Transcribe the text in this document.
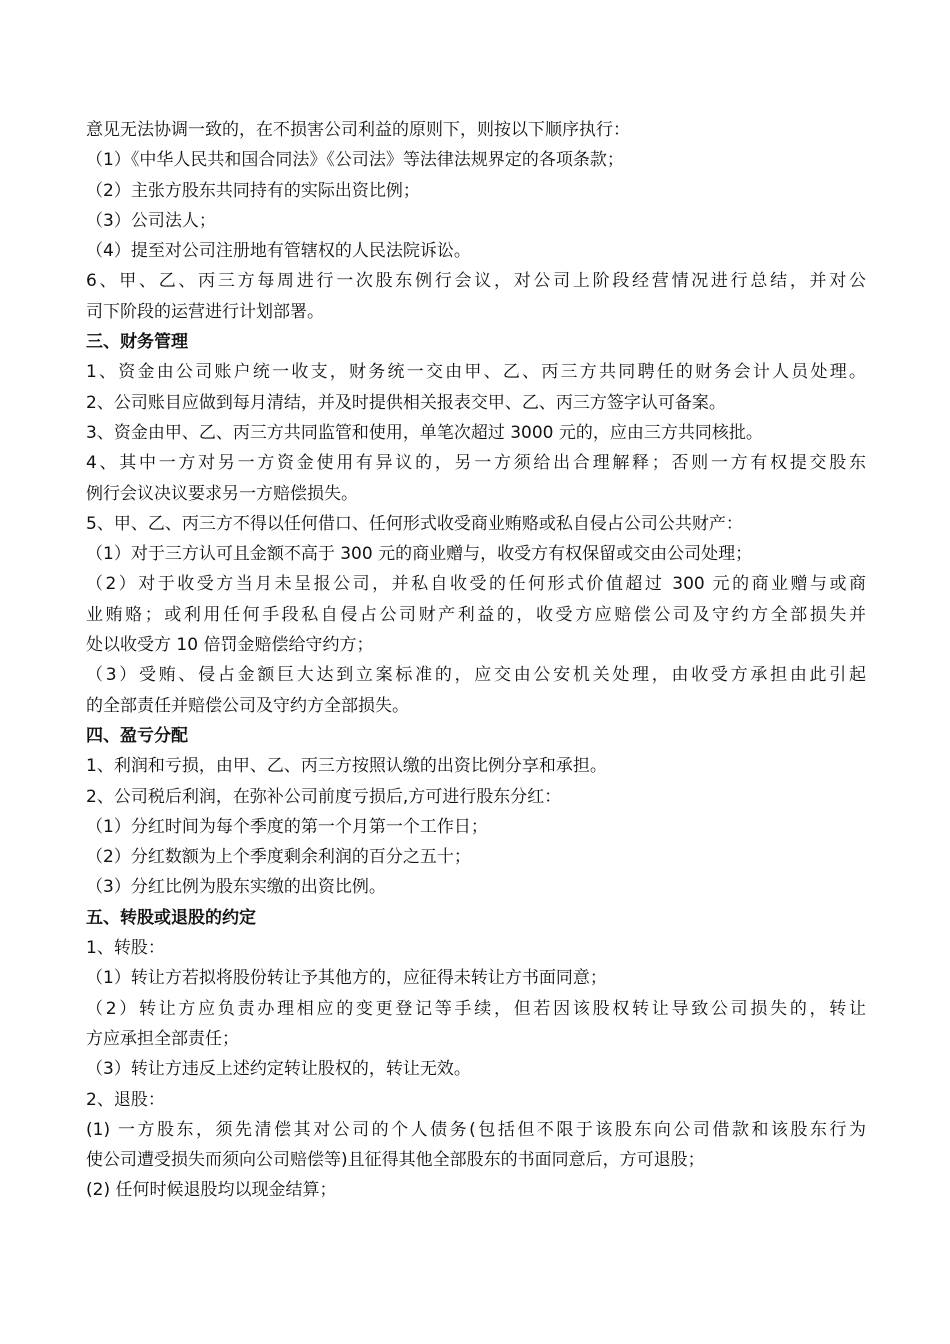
意见无法协调一致的，在不损害公司利益的原则下，则按以下顺序执行：

（1）《中华人民共和国合同法》《公司法》等法律法规界定的各项条款；

（2）主张方股东共同持有的实际出资比例；

（3）公司法人；

（4）提至对公司注册地有管辖权的人民法院诉讼。

6、甲、乙、丙三方每周进行一次股东例行会议，对公司上阶段经营情况进行总结，并对公

司下阶段的运营进行计划部署。

三、财务管理

1、资金由公司账户统一收支，财务统一交由甲、乙、丙三方共同聘任的财务会计人员处理。

2、公司账目应做到每月清结，并及时提供相关报表交甲、乙、丙三方签字认可备案。

3、资金由甲、乙、丙三方共同监管和使用，单笔次超过 3000 元的，应由三方共同核批。

4、其中一方对另一方资金使用有异议的，另一方须给出合理解释；否则一方有权提交股东

例行会议决议要求另一方赔偿损失。

5、甲、乙、丙三方不得以任何借口、任何形式收受商业贿赂或私自侵占公司公共财产：

（1）对于三方认可且金额不高于 300 元的商业赠与，收受方有权保留或交由公司处理；

（2）对于收受方当月未呈报公司，并私自收受的任何形式价值超过 300 元的商业赠与或商

业贿赂；或利用任何手段私自侵占公司财产利益的，收受方应赔偿公司及守约方全部损失并

处以收受方 10 倍罚金赔偿给守约方；

（3）受贿、侵占金额巨大达到立案标准的，应交由公安机关处理，由收受方承担由此引起

的全部责任并赔偿公司及守约方全部损失。

四、盈亏分配

1、利润和亏损，由甲、乙、丙三方按照认缴的出资比例分享和承担。

2、公司税后利润，在弥补公司前度亏损后,方可进行股东分红：

（1）分红时间为每个季度的第一个月第一个工作日；

（2）分红数额为上个季度剩余利润的百分之五十；

（3）分红比例为股东实缴的出资比例。

五、转股或退股的约定

1、转股：

（1）转让方若拟将股份转让予其他方的，应征得未转让方书面同意；

（2）转让方应负责办理相应的变更登记等手续，但若因该股权转让导致公司损失的，转让

方应承担全部责任；

（3）转让方违反上述约定转让股权的，转让无效。

2、退股：

(1) 一方股东，须先清偿其对公司的个人债务(包括但不限于该股东向公司借款和该股东行为

使公司遭受损失而须向公司赔偿等)且征得其他全部股东的书面同意后，方可退股；

(2) 任何时候退股均以现金结算；
